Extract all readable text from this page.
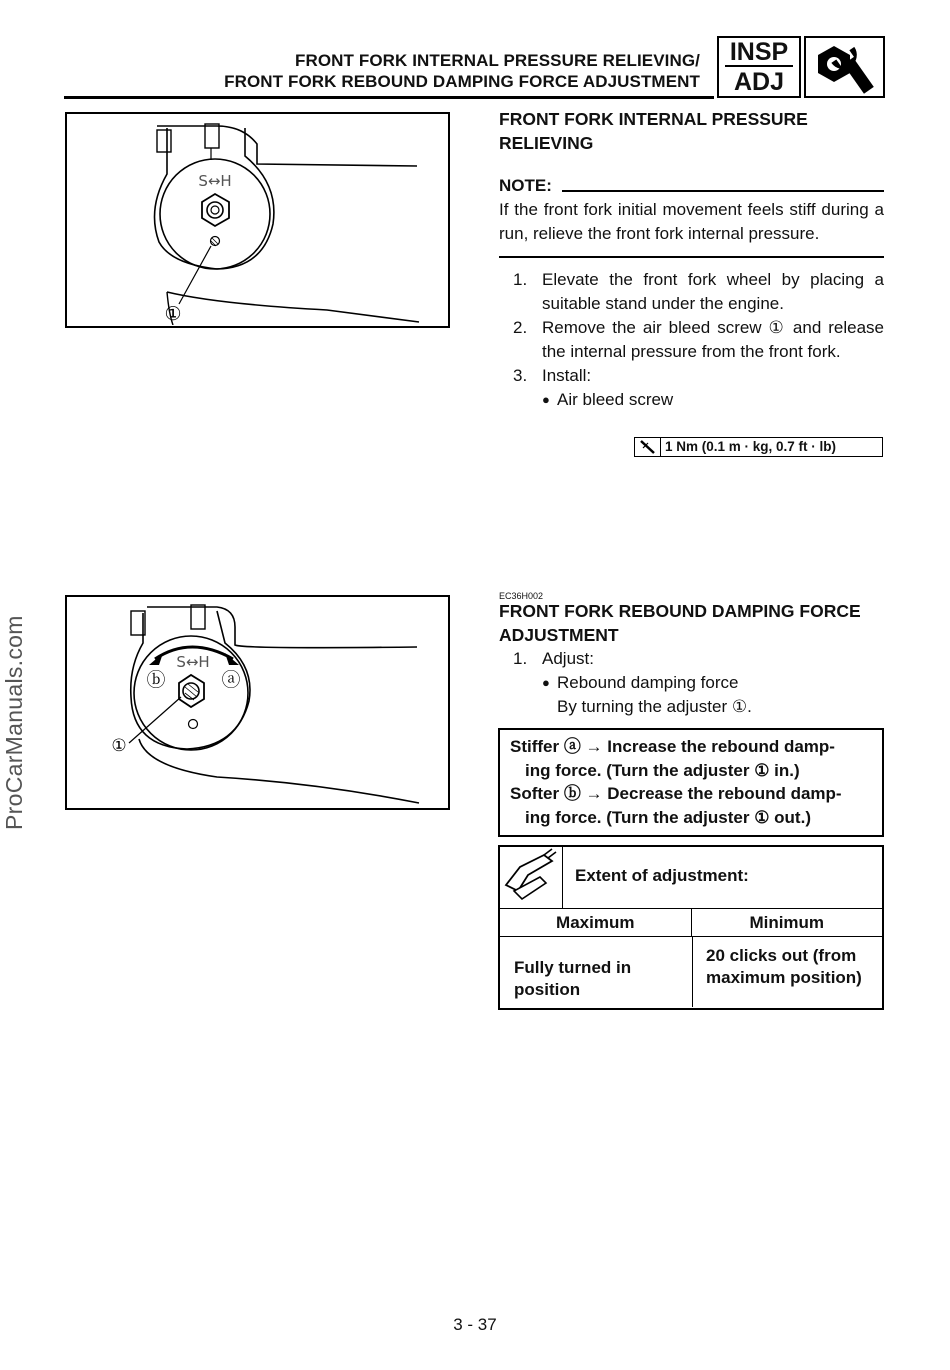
FRONT FORK INTERNAL PRESSURE RELIEVING/
FRONT FORK REBOUND DAMPING FORCE ADJUSTMENT
INSP
ADJ
S↔H
①
FRONT FORK INTERNAL PRESSURE
RELIEVING
NOTE:
If the front fork initial movement feels stiff during a run, relieve the front fork internal pressure.
1. Elevate the front fork wheel by placing a suitable stand under the engine.
2. Remove the air bleed screw ① and release the internal pressure from the front fork.
3. Install:
● Air bleed screw
1 Nm (0.1 m · kg, 0.7 ft · lb)
S↔H
ⓑ	ⓐ
①
EC36H002
FRONT FORK REBOUND DAMPING FORCE
ADJUSTMENT
1. Adjust:
● Rebound damping force
By turning the adjuster ①.

Stiffer ⓐ → Increase the rebound damp-

ing force. (Turn the adjuster ① in.)

Softer ⓑ → Decrease the rebound damp-

ing force. (Turn the adjuster ① out.)

Extent of adjustment:
Maximum	Minimum
Fully turned in position
20 clicks out (from maximum position)
ProCarManuals.com
3 - 37
